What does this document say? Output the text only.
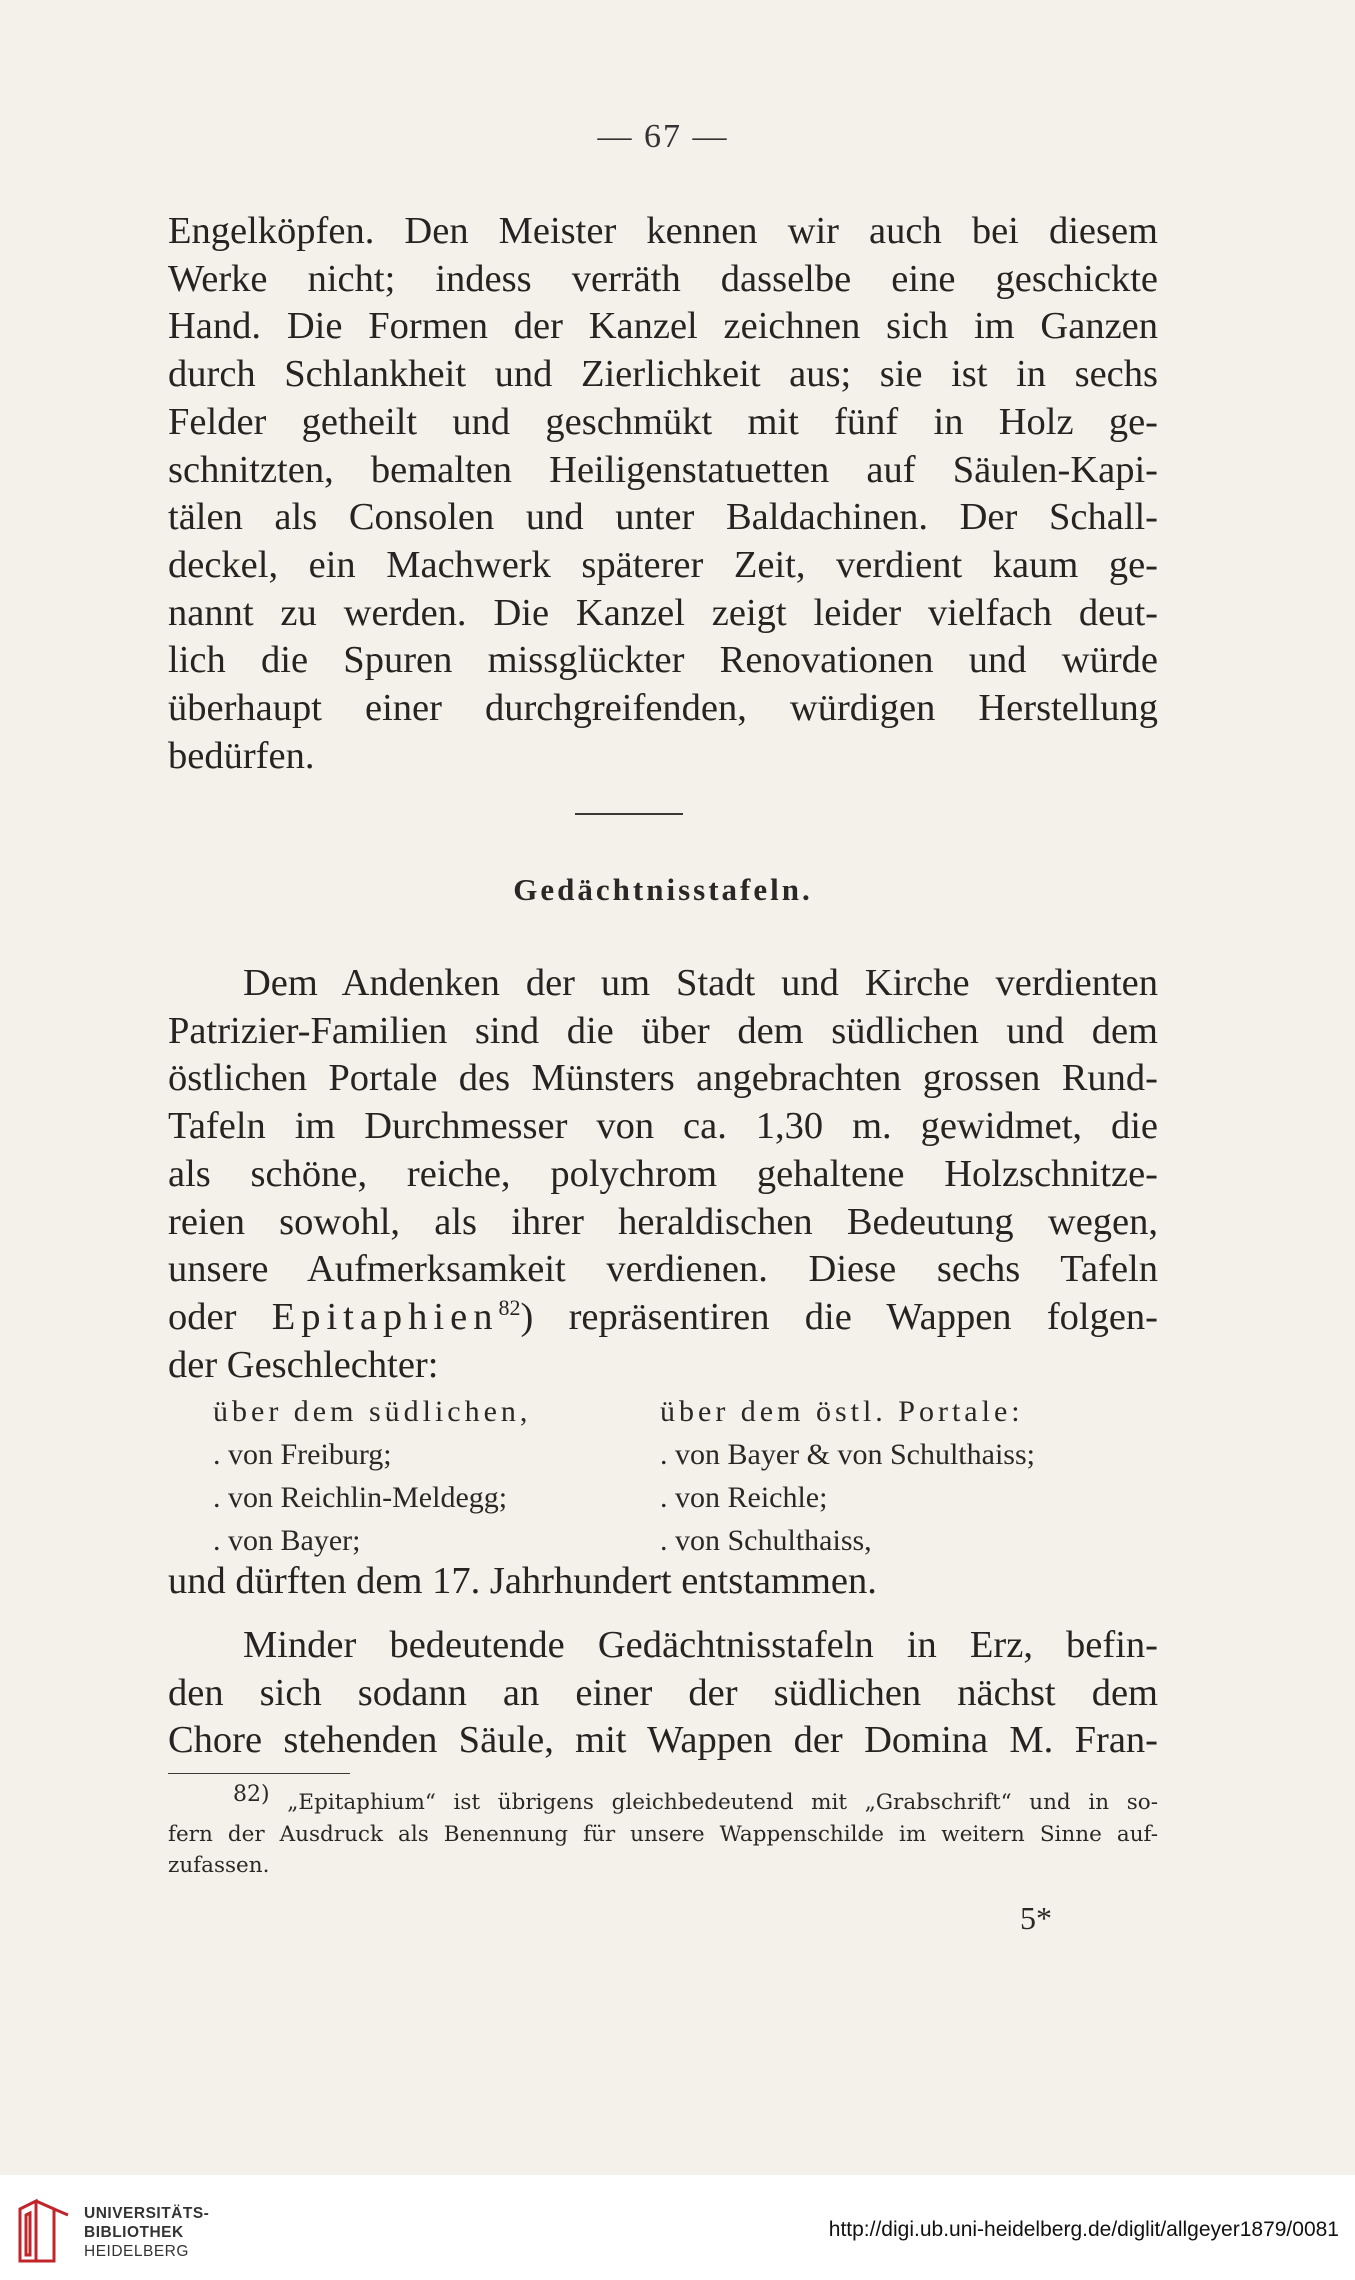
— 67 —
Engelköpfen. Den Meister kennen wir auch bei diesem
Werke nicht; indess verräth dasselbe eine geschickte
Hand. Die Formen der Kanzel zeichnen sich im Ganzen
durch Schlankheit und Zierlichkeit aus; sie ist in sechs
Felder getheilt und geschmükt mit fünf in Holz ge-
schnitzten, bemalten Heiligenstatuetten auf Säulen-Kapi-
tälen als Consolen und unter Baldachinen. Der Schall-
deckel, ein Machwerk späterer Zeit, verdient kaum ge-
nannt zu werden. Die Kanzel zeigt leider vielfach deut-
lich die Spuren missglückter Renovationen und würde
überhaupt einer durchgreifenden, würdigen Herstellung
bedürfen.
Gedächtnisstafeln.
Dem Andenken der um Stadt und Kirche verdienten
Patrizier-Familien sind die über dem südlichen und dem
östlichen Portale des Münsters angebrachten grossen Rund-
Tafeln im Durchmesser von ca. 1,30 m. gewidmet, die
als schöne, reiche, polychrom gehaltene Holzschnitze-
reien sowohl, als ihrer heraldischen Bedeutung wegen,
unsere Aufmerksamkeit verdienen. Diese sechs Tafeln
oder Epitaphien$^{82}$) repräsentiren die Wappen folgen-
der Geschlechter:
über dem südlichen,	über dem östl. Portale:
. von Freiburg;	. von Bayer & von Schulthaiss;
. von Reichlin-Meldegg;	. von Reichle;
. von Bayer;	. von Schulthaiss,
und dürften dem 17. Jahrhundert entstammen.
Minder bedeutende Gedächtnisstafeln in Erz, befin-
den sich sodann an einer der südlichen nächst dem
Chore stehenden Säule, mit Wappen der Domina M. Fran-
$^{82)}$ „Epitaphium“ ist übrigens gleichbedeutend mit „Grabschrift“ und in so-
fern der Ausdruck als Benennung für unsere Wappenschilde im weitern Sinne auf-
zufassen.
5*
UNIVERSITÄTS-
BIBLIOTHEK
HEIDELBERG
http://digi.ub.uni-heidelberg.de/diglit/allgeyer1879/0081
